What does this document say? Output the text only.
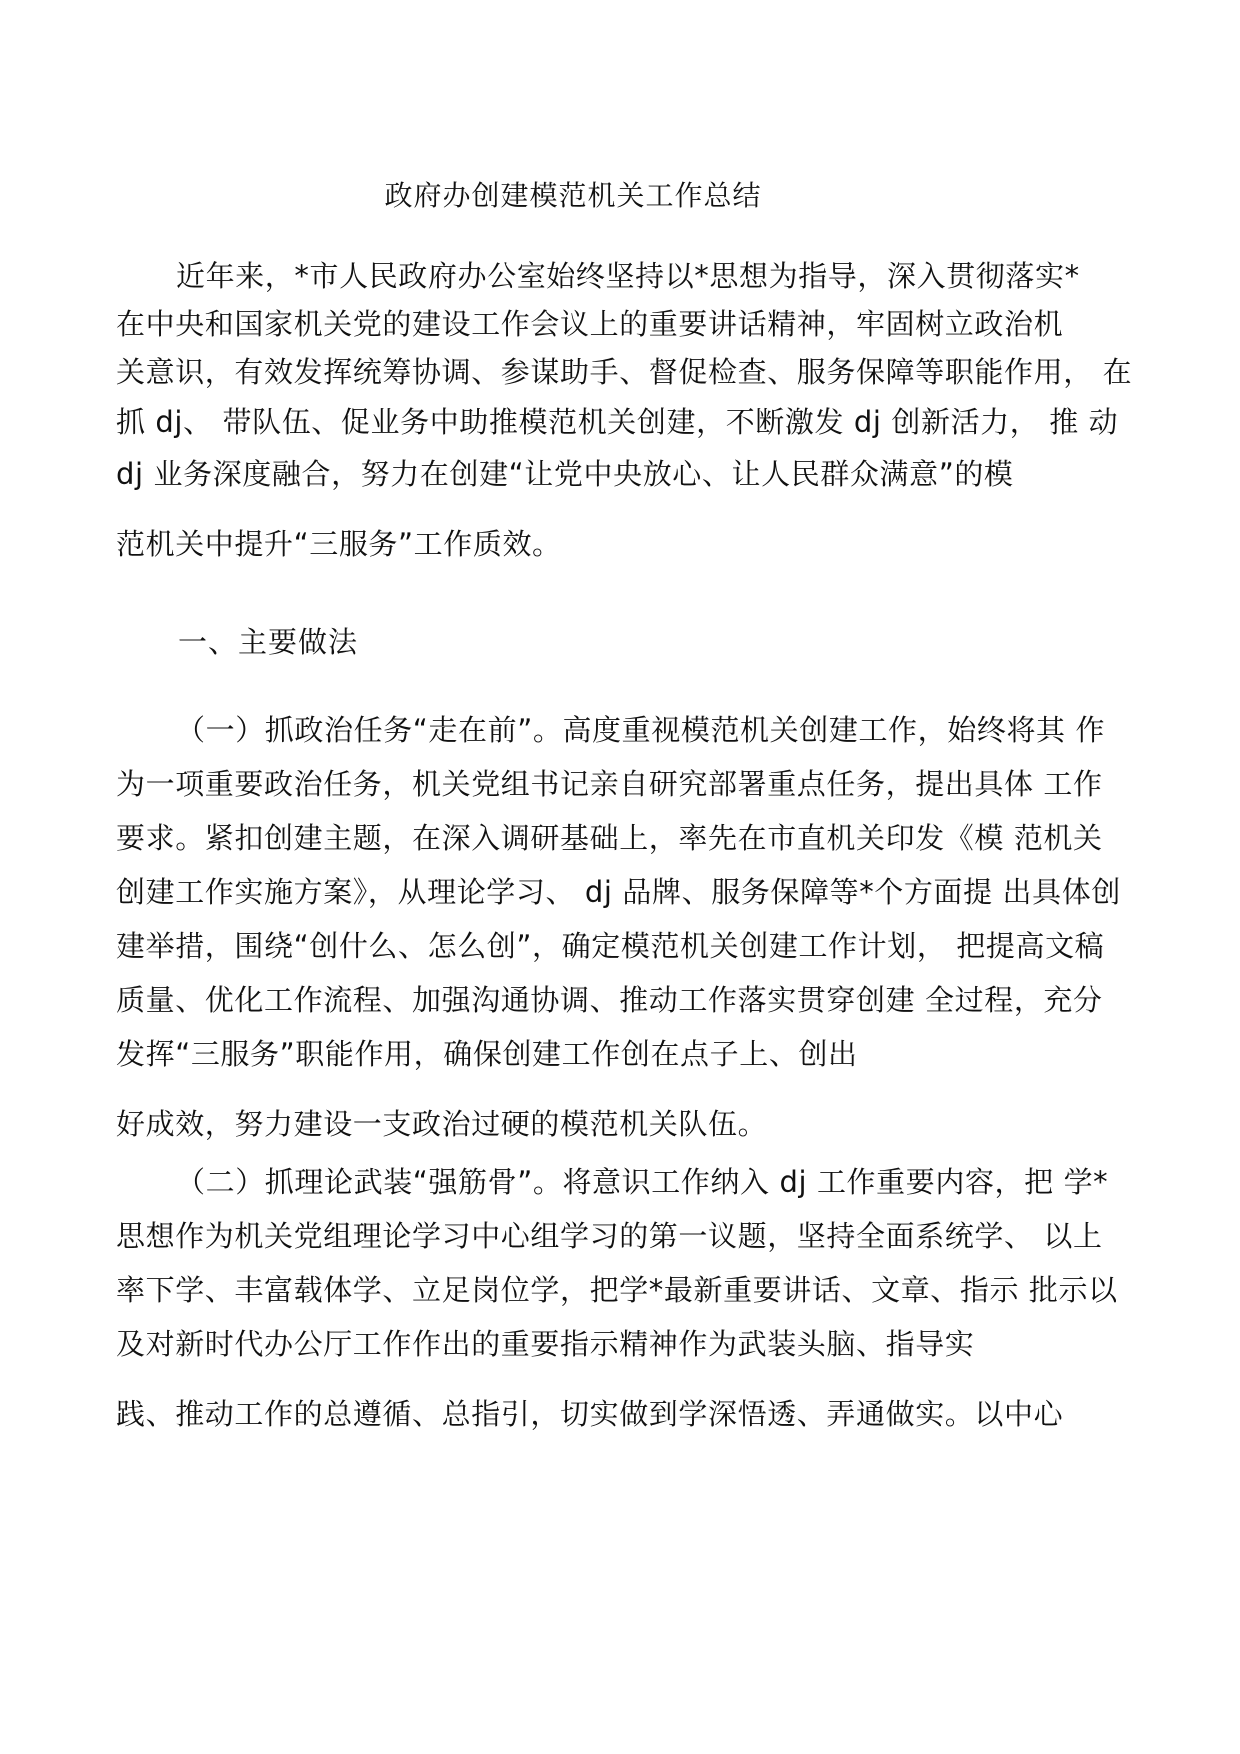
政府办创建模范机关工作总结
近年来，*市人民政府办公室始终坚持以*思想为指导，深入贯彻落实*
在中央和国家机关党的建设工作会议上的重要讲话精神，牢固树立政治机
关意识，有效发挥统筹协调、参谋助手、督促检查、服务保障等职能作用， 在
抓 dj、 带队伍、促业务中助推模范机关创建，不断激发 dj 创新活力， 推 动
dj 业务深度融合，努力在创建“让党中央放心、让人民群众满意”的模
范机关中提升“三服务”工作质效。
一、主要做法
（一）抓政治任务“走在前”。高度重视模范机关创建工作，始终将其 作
为一项重要政治任务，机关党组书记亲自研究部署重点任务，提出具体 工作
要求。紧扣创建主题，在深入调研基础上，率先在市直机关印发《模 范机关
创建工作实施方案》，从理论学习、 dj 品牌、服务保障等*个方面提 出具体创
建举措，围绕“创什么、怎么创”，确定模范机关创建工作计划， 把提高文稿
质量、优化工作流程、加强沟通协调、推动工作落实贯穿创建 全过程，充分
发挥“三服务”职能作用，确保创建工作创在点子上、创出
好成效，努力建设一支政治过硬的模范机关队伍。
（二）抓理论武装“强筋骨”。将意识工作纳入 dj 工作重要内容，把 学*
思想作为机关党组理论学习中心组学习的第一议题，坚持全面系统学、 以上
率下学、丰富载体学、立足岗位学，把学*最新重要讲话、文章、指示 批示以
及对新时代办公厅工作作出的重要指示精神作为武装头脑、指导实
践、推动工作的总遵循、总指引，切实做到学深悟透、弄通做实。以中心
